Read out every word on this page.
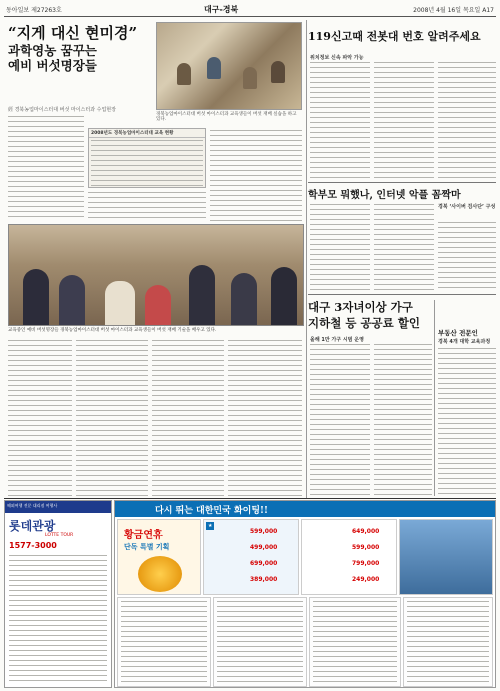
동아일보 제27263호	대구-경북	2008년 4월 16일 목요일 A17
“지게 대신 현미경”
과학영농 꿈꾸는
예비 버섯명장들
經 경북농업마이스터대 버섯 마이스터과 수업현장
경북농업마이스터대 버섯 마이스터과 교육생들이 버섯 재배 실습을 하고 있다.
2008년도 경북농업마이스터대 교육 현황
교육중인 예비 버섯명장들 경북농업마이스터대 버섯 마이스터과 교육생들이 버섯 재배 기술을 배우고 있다.
119신고때 전봇대 번호 알려주세요
위치정보 신속 파악 가능
학부모 뭐했나, 인터넷 악플 꼼짝마
경북 ‘사이버 검사단’ 구성
대구 3자녀이상 가구
지하철 등 공공료 할인
올해 1만 가구 시범 운영
부동산 전문인
경북 4개 대학 교육과정
해외여행 전문 대리점 여행사
롯데관광
LOTTE TOUR
1577-3000
다시 뛰는 대한민국 화이팅!!
황금연휴
단독 특별 기획
★
599,000
499,000
699,000
389,000
649,000
599,000
799,000
249,000
